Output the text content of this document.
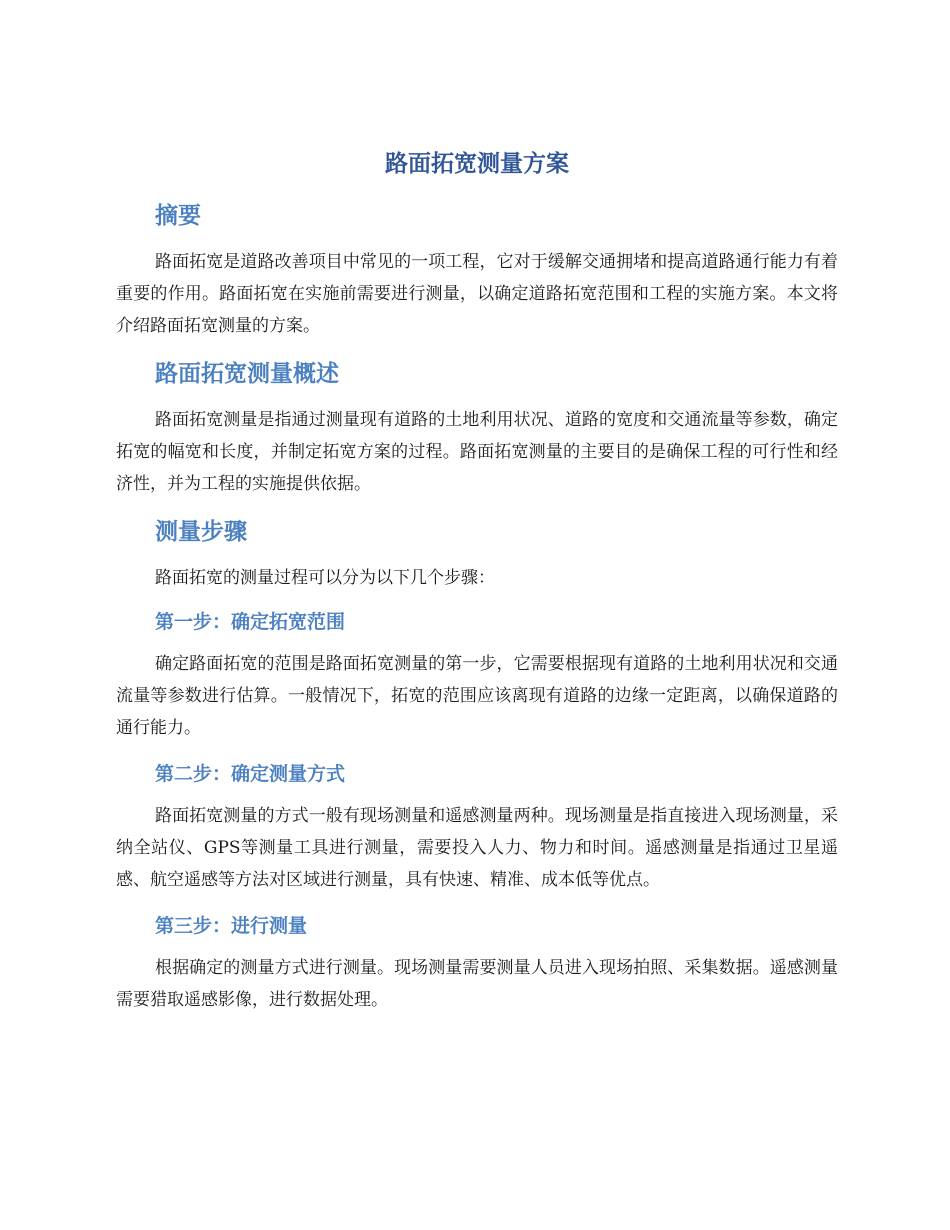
路面拓宽测量方案
摘要

路面拓宽是道路改善项目中常见的一项工程，它对于缓解交通拥堵和提高道路通行能力有着重要的作用。路面拓宽在实施前需要进行测量，以确定道路拓宽范围和工程的实施方案。本文将介绍路面拓宽测量的方案。

路面拓宽测量概述

路面拓宽测量是指通过测量现有道路的土地利用状况、道路的宽度和交通流量等参数，确定拓宽的幅宽和长度，并制定拓宽方案的过程。路面拓宽测量的主要目的是确保工程的可行性和经济性，并为工程的实施提供依据。

测量步骤

路面拓宽的测量过程可以分为以下几个步骤：

第一步：确定拓宽范围

确定路面拓宽的范围是路面拓宽测量的第一步，它需要根据现有道路的土地利用状况和交通流量等参数进行估算。一般情况下，拓宽的范围应该离现有道路的边缘一定距离，以确保道路的通行能力。

第二步：确定测量方式

路面拓宽测量的方式一般有现场测量和遥感测量两种。现场测量是指直接进入现场测量，采纳全站仪、GPS等测量工具进行测量，需要投入人力、物力和时间。遥感测量是指通过卫星遥感、航空遥感等方法对区域进行测量，具有快速、精准、成本低等优点。

第三步：进行测量

根据确定的测量方式进行测量。现场测量需要测量人员进入现场拍照、采集数据。遥感测量需要猎取遥感影像，进行数据处理。
